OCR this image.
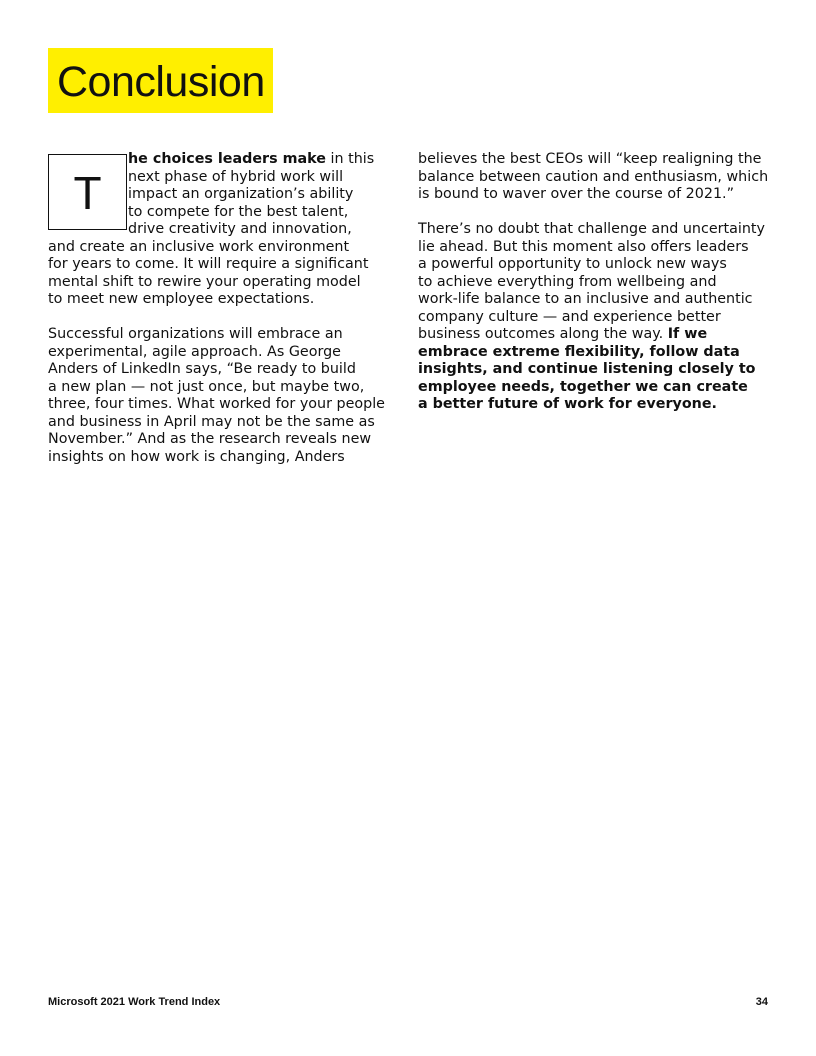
Conclusion
T
he choices leaders make in this
next phase of hybrid work will
impact an organization’s ability
to compete for the best talent,
drive creativity and innovation,
and create an inclusive work environment
for years to come. It will require a significant
mental shift to rewire your operating model
to meet new employee expectations.
Successful organizations will embrace an
experimental, agile approach. As George
Anders of LinkedIn says, “Be ready to build
a new plan — not just once, but maybe two,
three, four times. What worked for your people
and business in April may not be the same as
November.” And as the research reveals new
insights on how work is changing, Anders
believes the best CEOs will “keep realigning the
balance between caution and enthusiasm, which
is bound to waver over the course of 2021.”
There’s no doubt that challenge and uncertainty
lie ahead. But this moment also offers leaders
a powerful opportunity to unlock new ways
to achieve everything from wellbeing and
work-life balance to an inclusive and authentic
company culture — and experience better
business outcomes along the way. If we
embrace extreme flexibility, follow data
insights, and continue listening closely to
employee needs, together we can create
a better future of work for everyone.
Microsoft 2021 Work Trend Index	34
